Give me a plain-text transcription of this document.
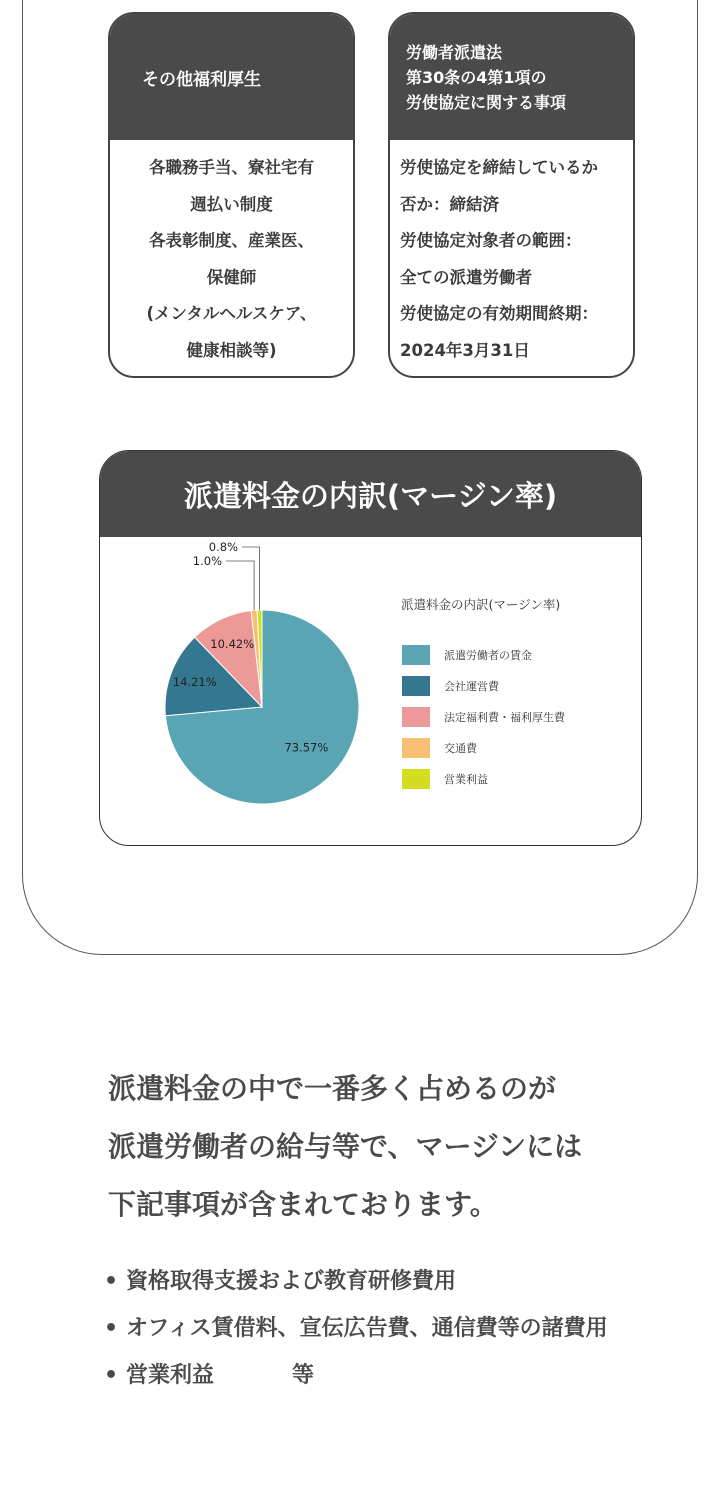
その他福利厚生
各職務手当、寮社宅有
週払い制度
各表彰制度、産業医、
保健師
(メンタルヘルスケア、
健康相談等)
労働者派遣法
第30条の4第1項の
労使協定に関する事項
労使協定を締結しているか
否か：締結済
労使協定対象者の範囲：
全ての派遣労働者
労使協定の有効期間終期：
2024年3月31日
派遣料金の内訳(マージン率)
73.57%
14.21%
10.42%
1.0%
0.8%
派遣料金の内訳(マージン率)
派遣労働者の賃金
会社運営費
法定福利費・福利厚生費
交通費
営業利益
派遣料金の中で一番多く占めるのが
派遣労働者の給与等で、マージンには
下記事項が含まれております。
• 資格取得支援および教育研修費用
• オフィス賃借料、宣伝広告費、通信費等の諸費用
• 営業利益	等
